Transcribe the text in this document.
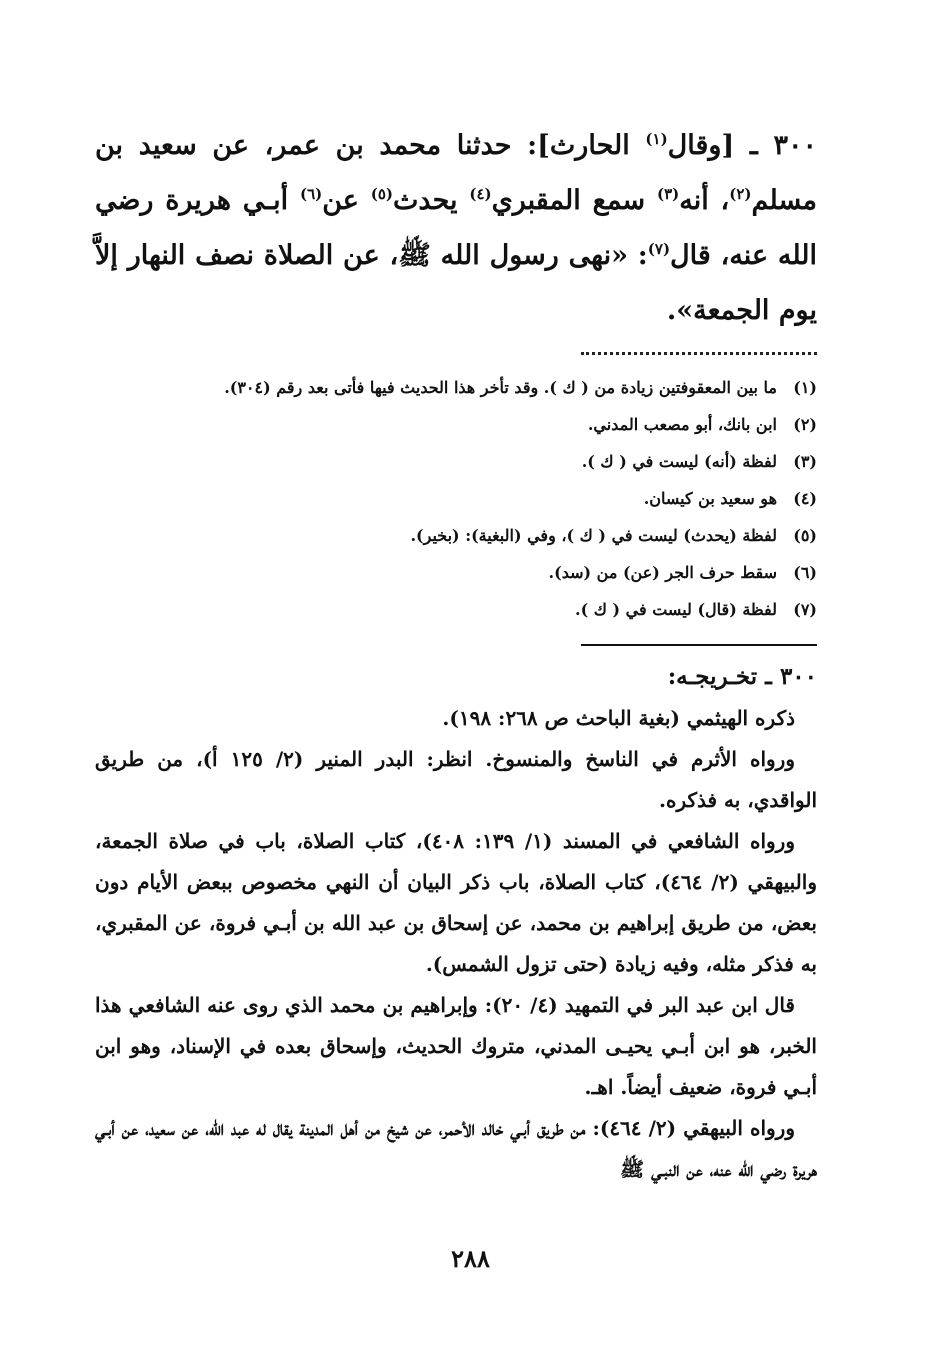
٣٠٠ ـ [وقال$^{(١)}$ الحارث]: حدثنا محمد بن عمر، عن سعيد بن مسلم$^{(٢)}$، أنه$^{(٣)}$ سمع المقبري$^{(٤)}$ يحدث$^{(٥)}$ عن$^{(٦)}$ أبـي هريرة رضي الله عنه، قال$^{(٧)}$: «نهى رسول الله ﷺ، عن الصلاة نصف النهار إلاَّ يوم الجمعة».

(١)ما بين المعقوفتين زيادة من ( ك ). وقد تأخر هذا الحديث فيها فأتى بعد رقم (٣٠٤).
(٢)ابن بانك، أبو مصعب المدني.
(٣)لفظة (أنه) ليست في ( ك ).
(٤)هو سعيد بن كيسان.
(٥)لفظة (يحدث) ليست في ( ك )، وفي (البغية): (بخير).
(٦)سقط حرف الجر (عن) من (سد).
(٧)لفظة (قال) ليست في ( ك ).
٣٠٠ ـ تخـريجـه:

ذكره الهيثمي (بغية الباحث ص ٢٦٨: ١٩٨).

ورواه الأثرم في الناسخ والمنسوخ. انظر: البدر المنير (٢/ ١٢٥ أ)، من طريق الواقدي، به فذكره.

ورواه الشافعي في المسند (١/ ١٣٩: ٤٠٨)، كتاب الصلاة، باب في صلاة الجمعة، والبيهقي (٢/ ٤٦٤)، كتاب الصلاة، باب ذكر البيان أن النهي مخصوص ببعض الأيام دون بعض، من طريق إبراهيم بن محمد، عن إسحاق بن عبد الله بن أبـي فروة، عن المقبري، به فذكر مثله، وفيه زيادة (حتى تزول الشمس).

قال ابن عبد البر في التمهيد (٤/ ٢٠): وإبراهيم بن محمد الذي روى عنه الشافعي هذا الخبر، هو ابن أبـي يحيـى المدني، متروك الحديث، وإسحاق بعده في الإسناد، وهو ابن أبـي فروة، ضعيف أيضاً. اهـ.

ورواه البيهقي (٢/ ٤٦٤): من طريق أبـي خالد الأحمر، عن شيخ من أهل المدينة يقال له عبد الله، عن سعيد، عن أبـي هريرة رضي الله عنه، عن النبـي ﷺ

٢٨٨
